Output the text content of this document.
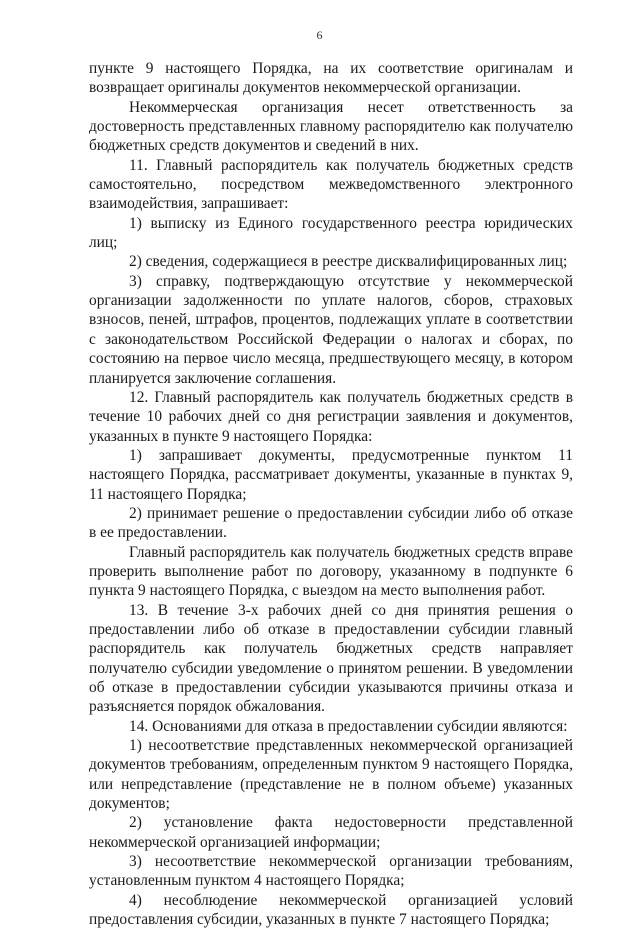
6

пункте 9 настоящего Порядка, на их соответствие оригиналам и возвращает оригиналы документов некоммерческой организации.

Некоммерческая организация несет ответственность за достоверность представленных главному распорядителю как получателю бюджетных средств документов и сведений в них.

11. Главный распорядитель как получатель бюджетных средств самостоятельно, посредством межведомственного электронного взаимодействия, запрашивает:

1) выписку из Единого государственного реестра юридических лиц;

2) сведения, содержащиеся в реестре дисквалифицированных лиц;

3) справку, подтверждающую отсутствие у некоммерческой организации задолженности по уплате налогов, сборов, страховых взносов, пеней, штрафов, процентов, подлежащих уплате в соответствии с законодательством Российской Федерации о налогах и сборах, по состоянию на первое число месяца, предшествующего месяцу, в котором планируется заключение соглашения.

12. Главный распорядитель как получатель бюджетных средств в течение 10 рабочих дней со дня регистрации заявления и документов, указанных в пункте 9 настоящего Порядка:

1) запрашивает документы, предусмотренные пунктом 11 настоящего Порядка, рассматривает документы, указанные в пунктах 9, 11 настоящего Порядка;

2) принимает решение о предоставлении субсидии либо об отказе в ее предоставлении.

Главный распорядитель как получатель бюджетных средств вправе проверить выполнение работ по договору, указанному в подпункте 6 пункта 9 настоящего Порядка, с выездом на место выполнения работ.

13. В течение 3-х рабочих дней со дня принятия решения о предоставлении либо об отказе в предоставлении субсидии главный распорядитель как получатель бюджетных средств направляет получателю субсидии уведомление о принятом решении. В уведомлении об отказе в предоставлении субсидии указываются причины отказа и разъясняется порядок обжалования.

14. Основаниями для отказа в предоставлении субсидии являются:

1) несоответствие представленных некоммерческой организацией документов требованиям, определенным пунктом 9 настоящего Порядка, или непредставление (представление не в полном объеме) указанных документов;

2) установление факта недостоверности представленной некоммерческой организацией информации;

3) несоответствие некоммерческой организации требованиям, установленным пунктом 4 настоящего Порядка;

4) несоблюдение некоммерческой организацией условий предоставления субсидии, указанных в пункте 7 настоящего Порядка;
